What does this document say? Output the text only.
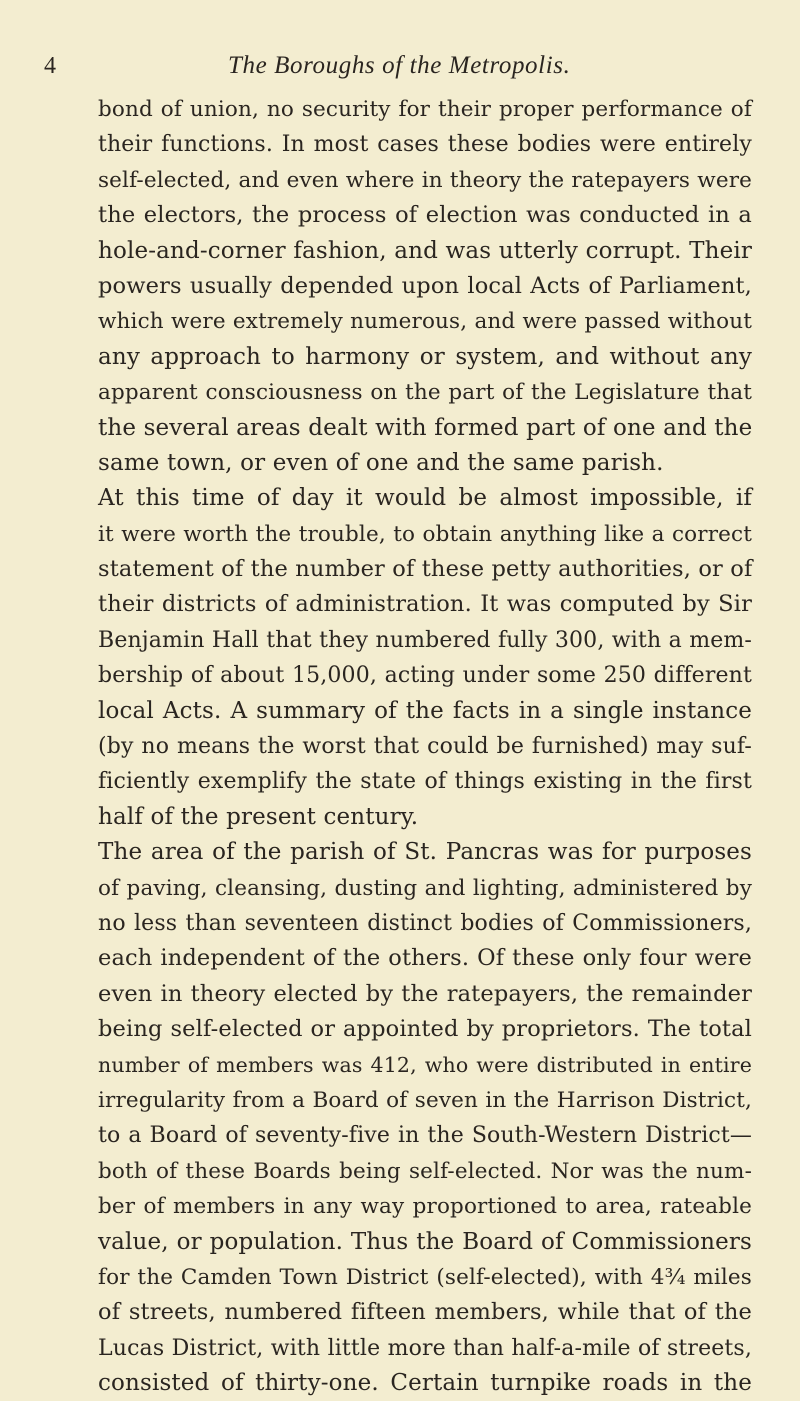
4	The Boroughs of the Metropolis.
bond of union, no security for their proper performance of
their functions. In most cases these bodies were entirely
self-elected, and even where in theory the ratepayers were
the electors, the process of election was conducted in a
hole-and-corner fashion, and was utterly corrupt. Their
powers usually depended upon local Acts of Parliament,
which were extremely numerous, and were passed without
any approach to harmony or system, and without any
apparent consciousness on the part of the Legislature that
the several areas dealt with formed part of one and the
same town, or even of one and the same parish.
At this time of day it would be almost impossible, if
it were worth the trouble, to obtain anything like a correct
statement of the number of these petty authorities, or of
their districts of administration. It was computed by Sir
Benjamin Hall that they numbered fully 300, with a mem-
bership of about 15,000, acting under some 250 different
local Acts. A summary of the facts in a single instance
(by no means the worst that could be furnished) may suf-
ficiently exemplify the state of things existing in the first
half of the present century.
The area of the parish of St. Pancras was for purposes
of paving, cleansing, dusting and lighting, administered by
no less than seventeen distinct bodies of Commissioners,
each independent of the others. Of these only four were
even in theory elected by the ratepayers, the remainder
being self-elected or appointed by proprietors. The total
number of members was 412, who were distributed in entire
irregularity from a Board of seven in the Harrison District,
to a Board of seventy-five in the South-Western District—
both of these Boards being self-elected. Nor was the num-
ber of members in any way proportioned to area, rateable
value, or population. Thus the Board of Commissioners
for the Camden Town District (self-elected), with 4¾ miles
of streets, numbered fifteen members, while that of the
Lucas District, with little more than half-a-mile of streets,
consisted of thirty-one. Certain turnpike roads in the
